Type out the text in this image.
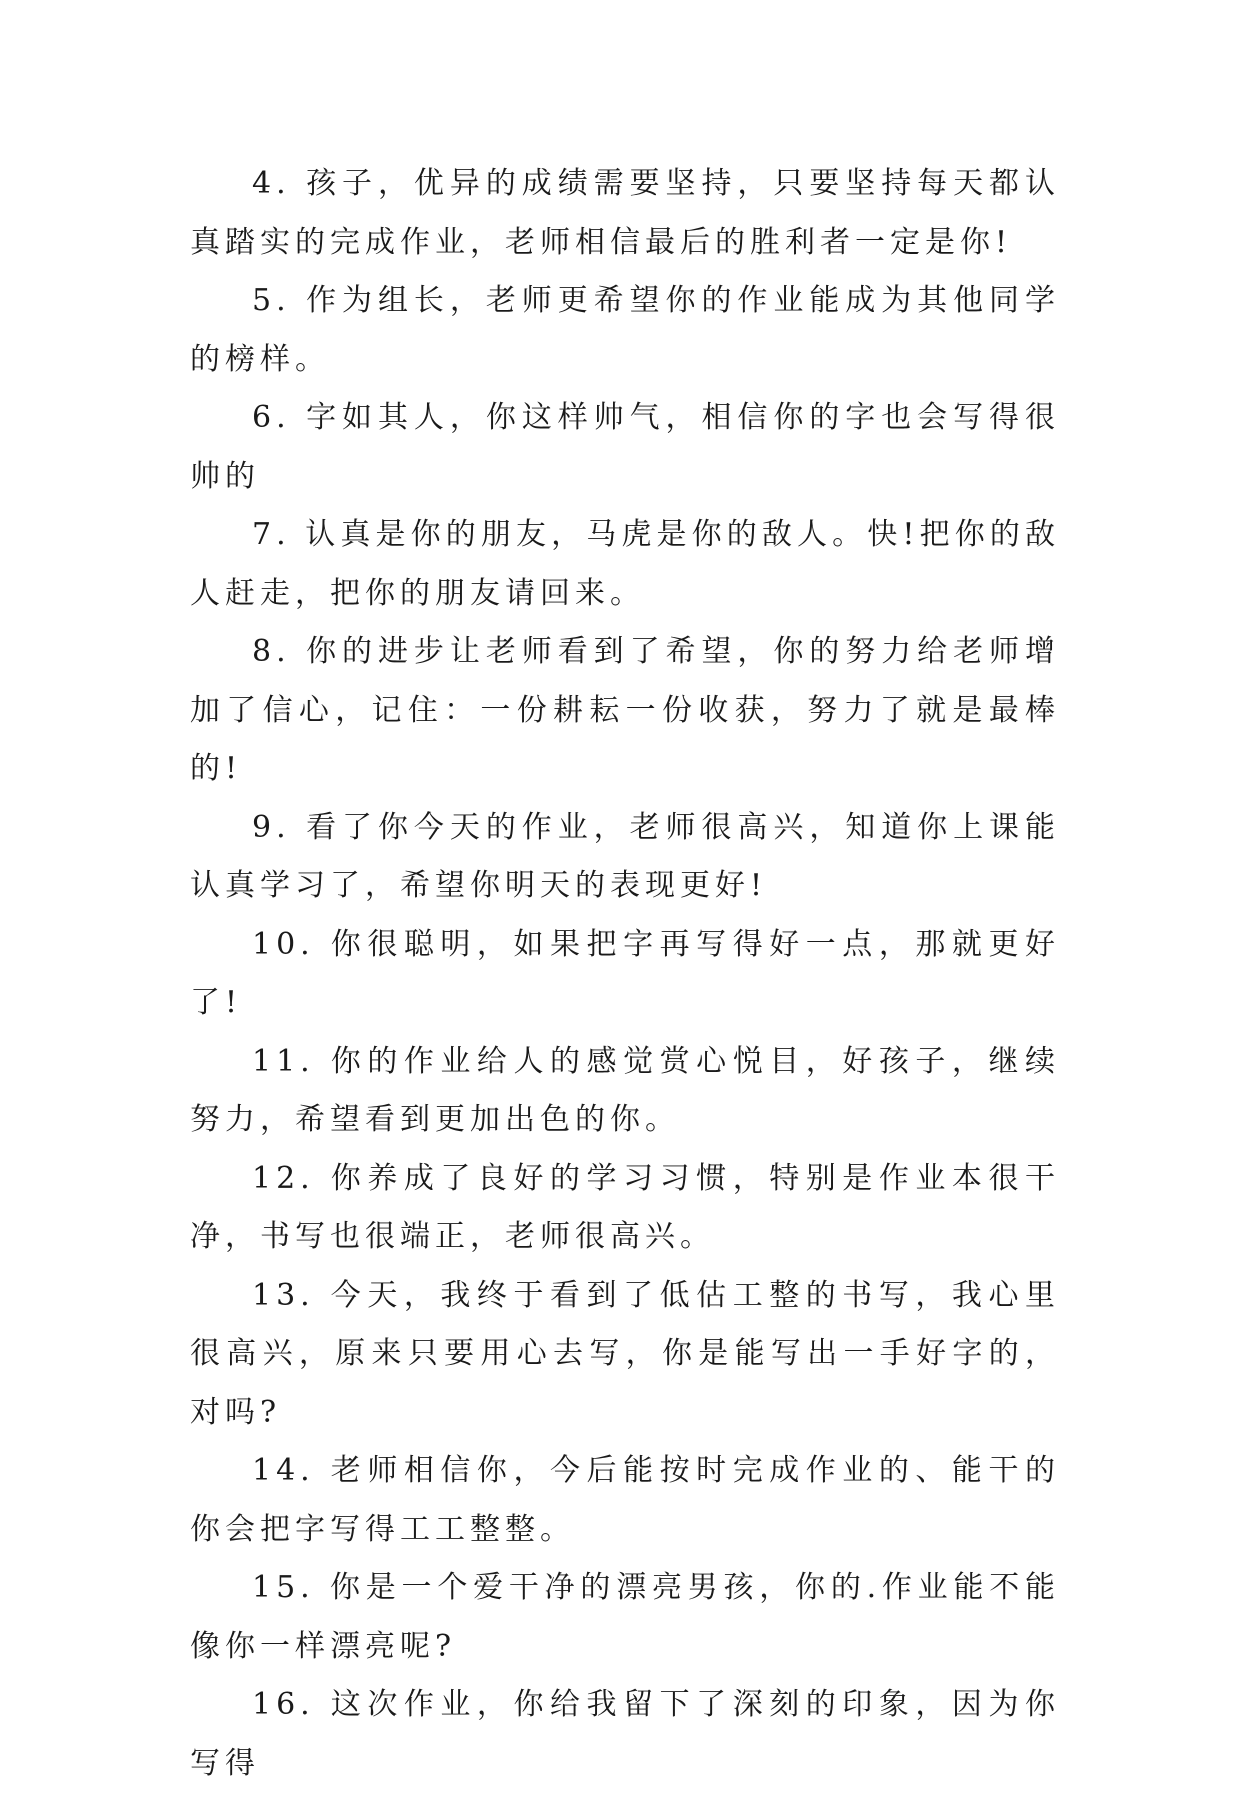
4. 孩子，优异的成绩需要坚持，只要坚持每天都认真踏实的完成作业，老师相信最后的胜利者一定是你!

5. 作为组长，老师更希望你的作业能成为其他同学的榜样。

6. 字如其人，你这样帅气，相信你的字也会写得很帅的

7. 认真是你的朋友，马虎是你的敌人。快!把你的敌人赶走，把你的朋友请回来。

8. 你的进步让老师看到了希望，你的努力给老师增加了信心，记住：一份耕耘一份收获，努力了就是最棒的!

9. 看了你今天的作业，老师很高兴，知道你上课能认真学习了，希望你明天的表现更好!

10. 你很聪明，如果把字再写得好一点，那就更好了!

11. 你的作业给人的感觉赏心悦目，好孩子，继续努力，希望看到更加出色的你。

12. 你养成了良好的学习习惯，特别是作业本很干净，书写也很端正，老师很高兴。

13. 今天，我终于看到了低估工整的书写，我心里很高兴，原来只要用心去写，你是能写出一手好字的，对吗?

14. 老师相信你，今后能按时完成作业的、能干的你会把字写得工工整整。

15. 你是一个爱干净的漂亮男孩，你的.作业能不能像你一样漂亮呢?

16. 这次作业，你给我留下了深刻的印象，因为你写得
